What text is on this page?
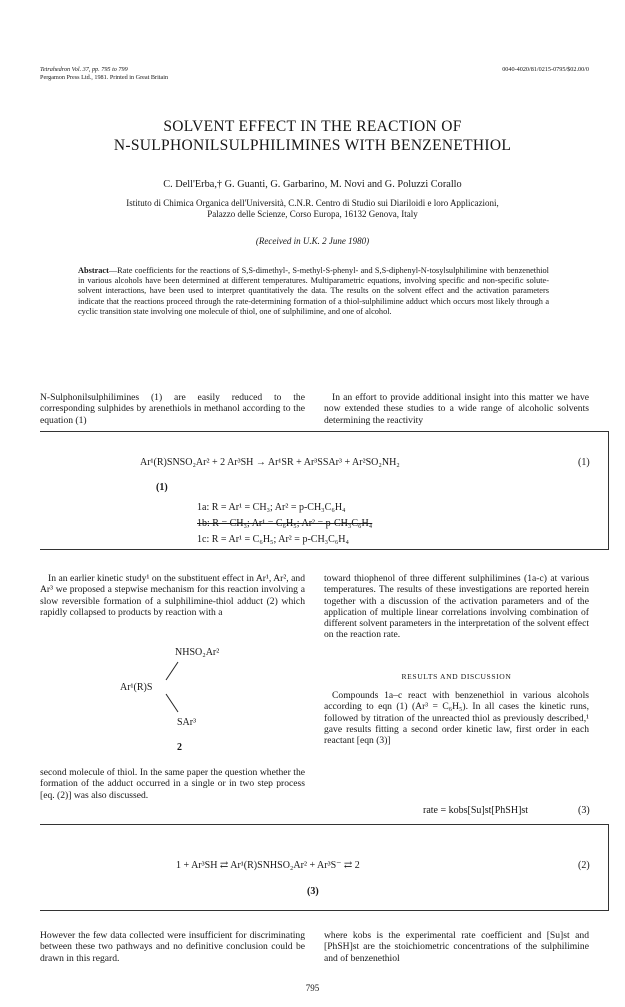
Tetrahedron Vol. 37, pp. 795 to 799
Pergamon Press Ltd., 1981. Printed in Great Britain
0040-4020/81/0215-0795/$02.00/0
SOLVENT EFFECT IN THE REACTION OF
N-SULPHONILSULPHILIMINES WITH BENZENETHIOL
C. Dell'Erba,† G. Guanti, G. Garbarino, M. Novi and G. Poluzzi Corallo
Istituto di Chimica Organica dell'Università, C.N.R. Centro di Studio sui Diariloidi e loro Applicazioni,
Palazzo delle Scienze, Corso Europa, 16132 Genova, Italy
(Received in U.K. 2 June 1980)
Abstract—Rate coefficients for the reactions of S,S-dimethyl-, S-methyl-S-phenyl- and S,S-diphenyl-N-tosylsulphilimine with benzenethiol in various alcohols have been determined at different temperatures. Multiparametric equations, involving specific and non-specific solute-solvent interactions, have been used to interpret quantitatively the data. The results on the solvent effect and the activation parameters indicate that the reactions proceed through the rate-determining formation of a thiol-sulphilimine adduct which occurs most likely through a cyclic transition state involving one molecule of thiol, one of sulphilimine, and one of alcohol.
N-Sulphonilsulphilimines (1) are easily reduced to the corresponding sulphides by arenethiols in methanol according to the equation (1)
In an effort to provide additional insight into this matter we have now extended these studies to a wide range of alcoholic solvents determining the reactivity
Ar¹(R)SNSO₂Ar² + 2 Ar³SH → Ar¹SR + Ar³SSAr³ + Ar²SO₂NH₂	(1)
(1)
1a: R = Ar¹ = CH₃; Ar² = p-CH₃C₆H₄
1b: R = CH₃; Ar¹ = C₆H₅; Ar² = p-CH₃C₆H₄
1c: R = Ar¹ = C₆H₅; Ar² = p-CH₃C₆H₄
In an earlier kinetic study¹ on the substituent effect in Ar¹, Ar², and Ar³ we proposed a stepwise mechanism for this reaction involving a slow reversible formation of a sulphilimine-thiol adduct (2) which rapidly collapsed to products by reaction with a
NHSO₂Ar²
Ar¹(R)S
SAr³
2
second molecule of thiol. In the same paper the question whether the formation of the adduct occurred in a single or in two step process [eq. (2)] was also discussed.
toward thiophenol of three different sulphilimines (1a-c) at various temperatures. The results of these investigations are reported herein together with a discussion of the activation parameters and of the application of multiple linear correlations involving combination of different solvent parameters in the interpretation of the solvent effect on the reaction rate.
RESULTS AND DISCUSSION
Compounds 1a–c react with benzenethiol in various alcohols according to eqn (1) (Ar³ = C₆H₅). In all cases the kinetic runs, followed by titration of the unreacted thiol as previously described,¹ gave results fitting a second order kinetic law, first order in each reactant [eqn (3)]
rate = kobs[Su]st[PhSH]st	(3)
1 + Ar³SH ⇄ Ar¹(R)SNHSO₂Ar² + Ar³S⁻ ⇄ 2	(2)
(3)
However the few data collected were insufficient for discriminating between these two pathways and no definitive conclusion could be drawn in this regard.
where kobs is the experimental rate coefficient and [Su]st and [PhSH]st are the stoichiometric concentrations of the sulphilimine and of benzenethiol
795
